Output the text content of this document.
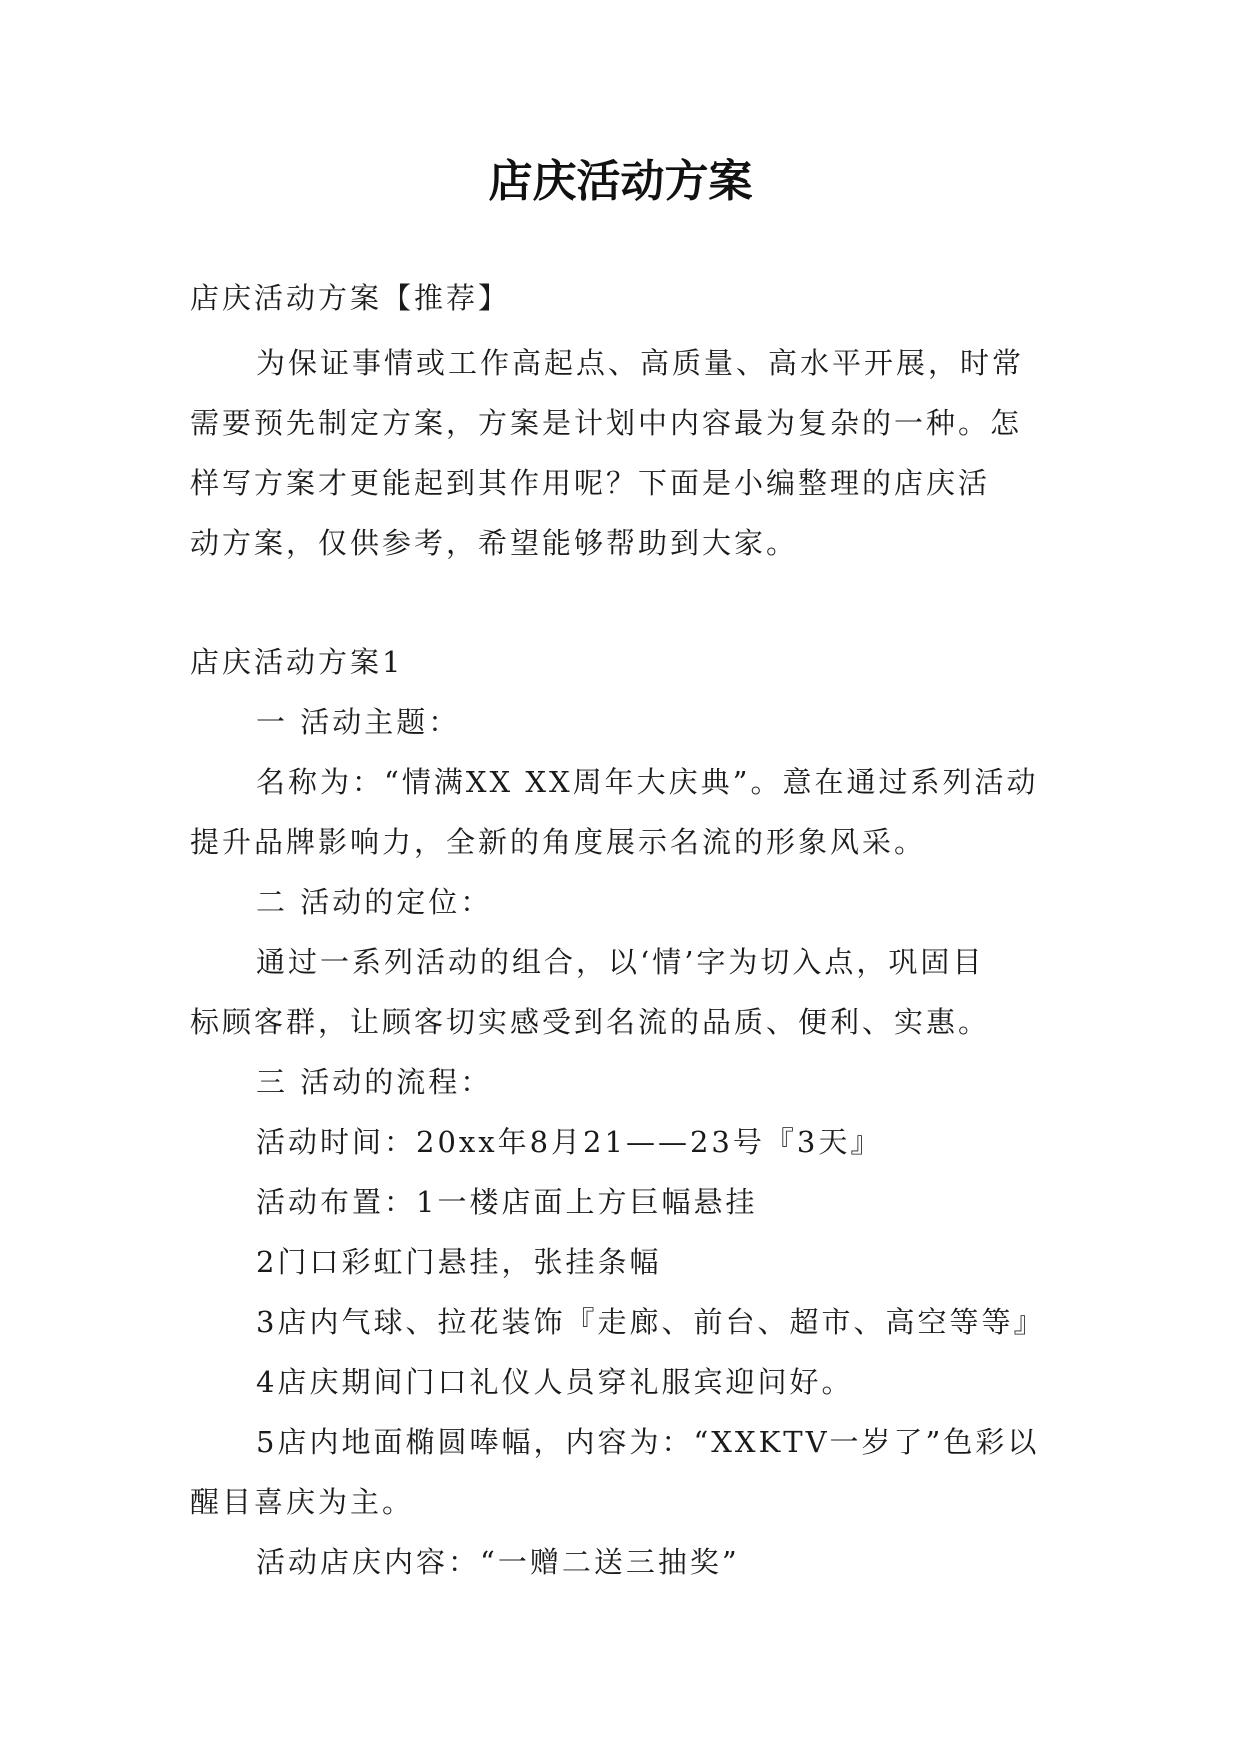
店庆活动方案

店庆活动方案【推荐】

为保证事情或工作高起点、高质量、高水平开展，时常

需要预先制定方案，方案是计划中内容最为复杂的一种。怎

样写方案才更能起到其作用呢？下面是小编整理的店庆活

动方案，仅供参考，希望能够帮助到大家。

店庆活动方案1

一 活动主题：

名称为：“情满XX XX周年大庆典”。意在通过系列活动

提升品牌影响力，全新的角度展示名流的形象风采。

二 活动的定位：

通过一系列活动的组合，以‘情’字为切入点，巩固目

标顾客群，让顾客切实感受到名流的品质、便利、实惠。

三 活动的流程：

活动时间：20xx年8月21——23号『3天』

活动布置：1一楼店面上方巨幅悬挂

2门口彩虹门悬挂，张挂条幅

3店内气球、拉花装饰『走廊、前台、超市、高空等等』

4店庆期间门口礼仪人员穿礼服宾迎问好。

5店内地面椭圆唪幅，内容为：“XXKTV一岁了”色彩以

醒目喜庆为主。

活动店庆内容：“一赠二送三抽奖”
